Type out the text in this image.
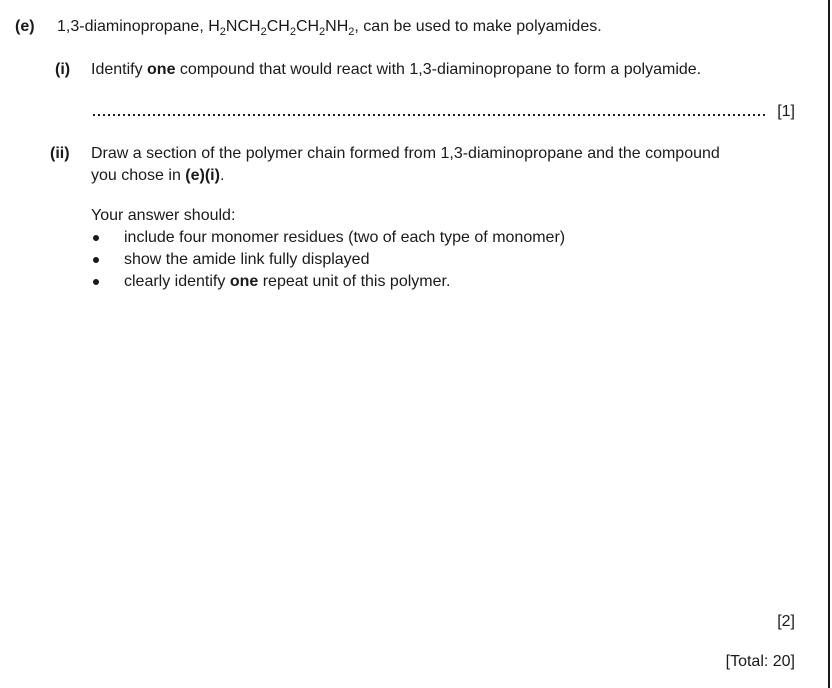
(e) 1,3-diaminopropane, $H_2NCH_2CH_2CH_2NH_2$, can be used to make polyamides.
(i) Identify one compound that would react with 1,3-diaminopropane to form a polyamide.
[1]
(ii) Draw a section of the polymer chain formed from 1,3-diaminopropane and the compound
you chose in (e)(i).
Your answer should:
include four monomer residues (two of each type of monomer)
show the amide link fully displayed
clearly identify one repeat unit of this polymer.
[2]
[Total: 20]
